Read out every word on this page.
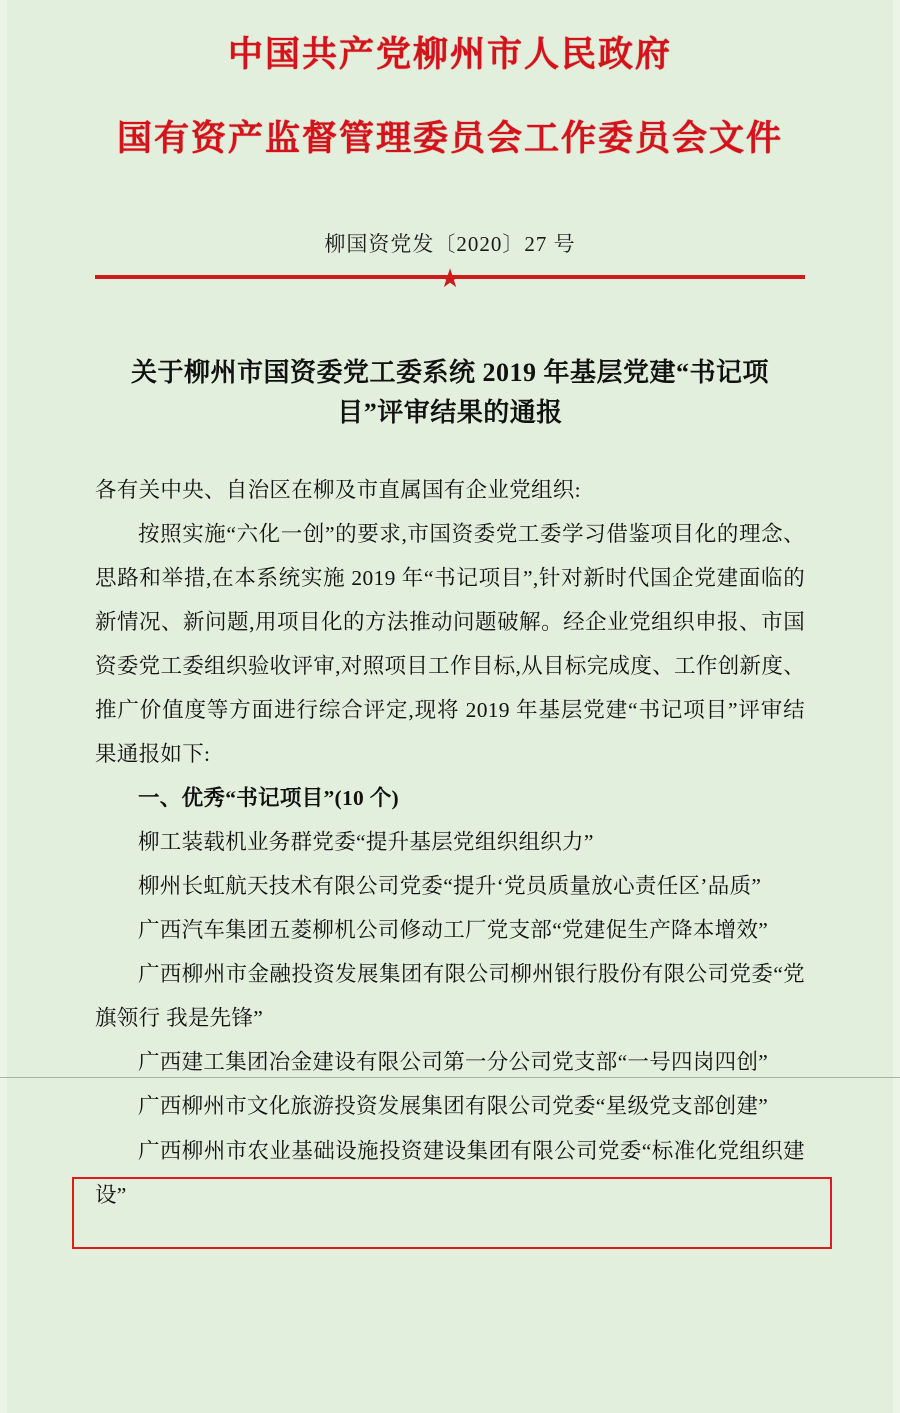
中国共产党柳州市人民政府
国有资产监督管理委员会工作委员会文件
柳国资党发〔2020〕27 号
★
关于柳州市国资委党工委系统 2019 年基层党建“书记项目”评审结果的通报
各有关中央、自治区在柳及市直属国有企业党组织:
按照实施“六化一创”的要求,市国资委党工委学习借鉴项目化的理念、思路和举措,在本系统实施 2019 年“书记项目”,针对新时代国企党建面临的新情况、新问题,用项目化的方法推动问题破解。经企业党组织申报、市国资委党工委组织验收评审,对照项目工作目标,从目标完成度、工作创新度、推广价值度等方面进行综合评定,现将 2019 年基层党建“书记项目”评审结果通报如下:
一、优秀“书记项目”(10 个)
柳工装载机业务群党委“提升基层党组织组织力”
柳州长虹航天技术有限公司党委“提升‘党员质量放心责任区’品质”
广西汽车集团五菱柳机公司修动工厂党支部“党建促生产降本增效”
广西柳州市金融投资发展集团有限公司柳州银行股份有限公司党委“党旗领行 我是先锋”
广西建工集团冶金建设有限公司第一分公司党支部“一号四岗四创”
广西柳州市文化旅游投资发展集团有限公司党委“星级党支部创建”
广西柳州市农业基础设施投资建设集团有限公司党委“标准化党组织建设”
